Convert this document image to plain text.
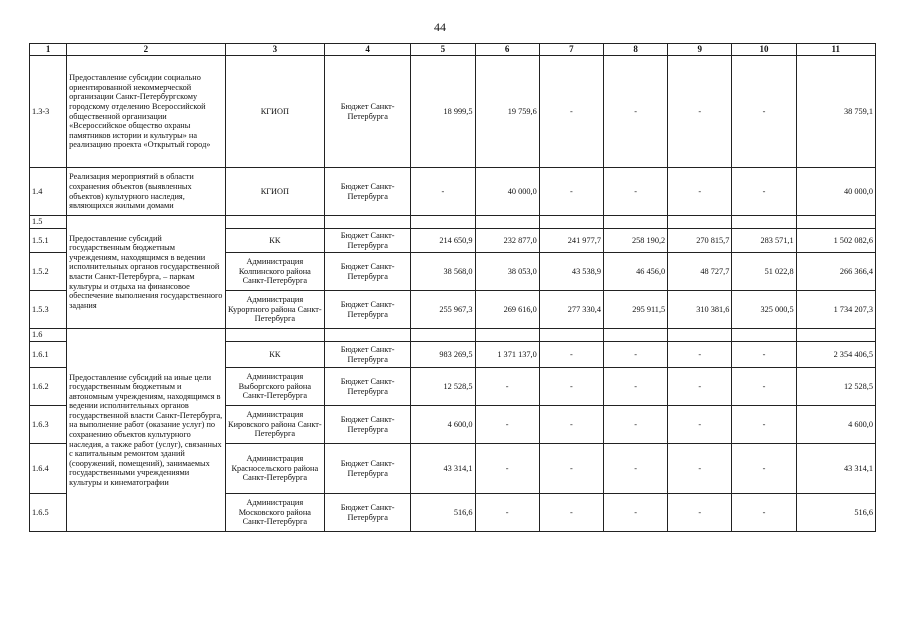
44
1	2	3	4	5	6	7	8	9	10	11
1.3-3	Предоставление субсидии социально ориентированной некоммерческой организации Санкт-Петербургскому городскому отделению Всероссийской общественной организации «Всероссийское общество охраны памятников истории и культуры» на реализацию проекта «Открытый город»	КГИОП	Бюджет Санкт-Петербурга	18 999,5	19 759,6	-	-	-	-	38 759,1
1.4	Реализация мероприятий в области сохранения объектов (выявленных объектов) культурного наследия, являющихся жилыми домами	КГИОП	Бюджет Санкт-Петербурга	-	40 000,0	-	-	-	-	40 000,0
1.5	Предоставление субсидий государственным бюджетным учреждениям, находящимся в ведении исполнительных органов государственной власти Санкт-Петербурга, – паркам культуры и отдыха на финансовое обеспечение выполнения государственного задания									
1.5.1		КК	Бюджет Санкт-Петербурга	214 650,9	232 877,0	241 977,7	258 190,2	270 815,7	283 571,1	1 502 082,6
1.5.2		Администрация Колпинского района Санкт-Петербурга	Бюджет Санкт-Петербурга	38 568,0	38 053,0	43 538,9	46 456,0	48 727,7	51 022,8	266 366,4
1.5.3		Администрация Курортного района Санкт-Петербурга	Бюджет Санкт-Петербурга	255 967,3	269 616,0	277 330,4	295 911,5	310 381,6	325 000,5	1 734 207,3
1.6	Предоставление субсидий на иные цели государственным бюджетным и автономным учреждениям, находящимся в ведении исполнительных органов государственной власти Санкт-Петербурга, на выполнение работ (оказание услуг) по сохранению объектов культурного наследия, а также работ (услуг), связанных с капитальным ремонтом зданий (сооружений, помещений), занимаемых государственными учреждениями культуры и кинематографии									
1.6.1		КК	Бюджет Санкт-Петербурга	983 269,5	1 371 137,0	-	-	-	-	2 354 406,5
1.6.2		Администрация Выборгского района Санкт-Петербурга	Бюджет Санкт-Петербурга	12 528,5	-	-	-	-	-	12 528,5
1.6.3		Администрация Кировского района Санкт-Петербурга	Бюджет Санкт-Петербурга	4 600,0	-	-	-	-	-	4 600,0
1.6.4		Администрация Красносельского района Санкт-Петербурга	Бюджет Санкт-Петербурга	43 314,1	-	-	-	-	-	43 314,1
1.6.5		Администрация Московского района Санкт-Петербурга	Бюджет Санкт-Петербурга	516,6	-	-	-	-	-	516,6
